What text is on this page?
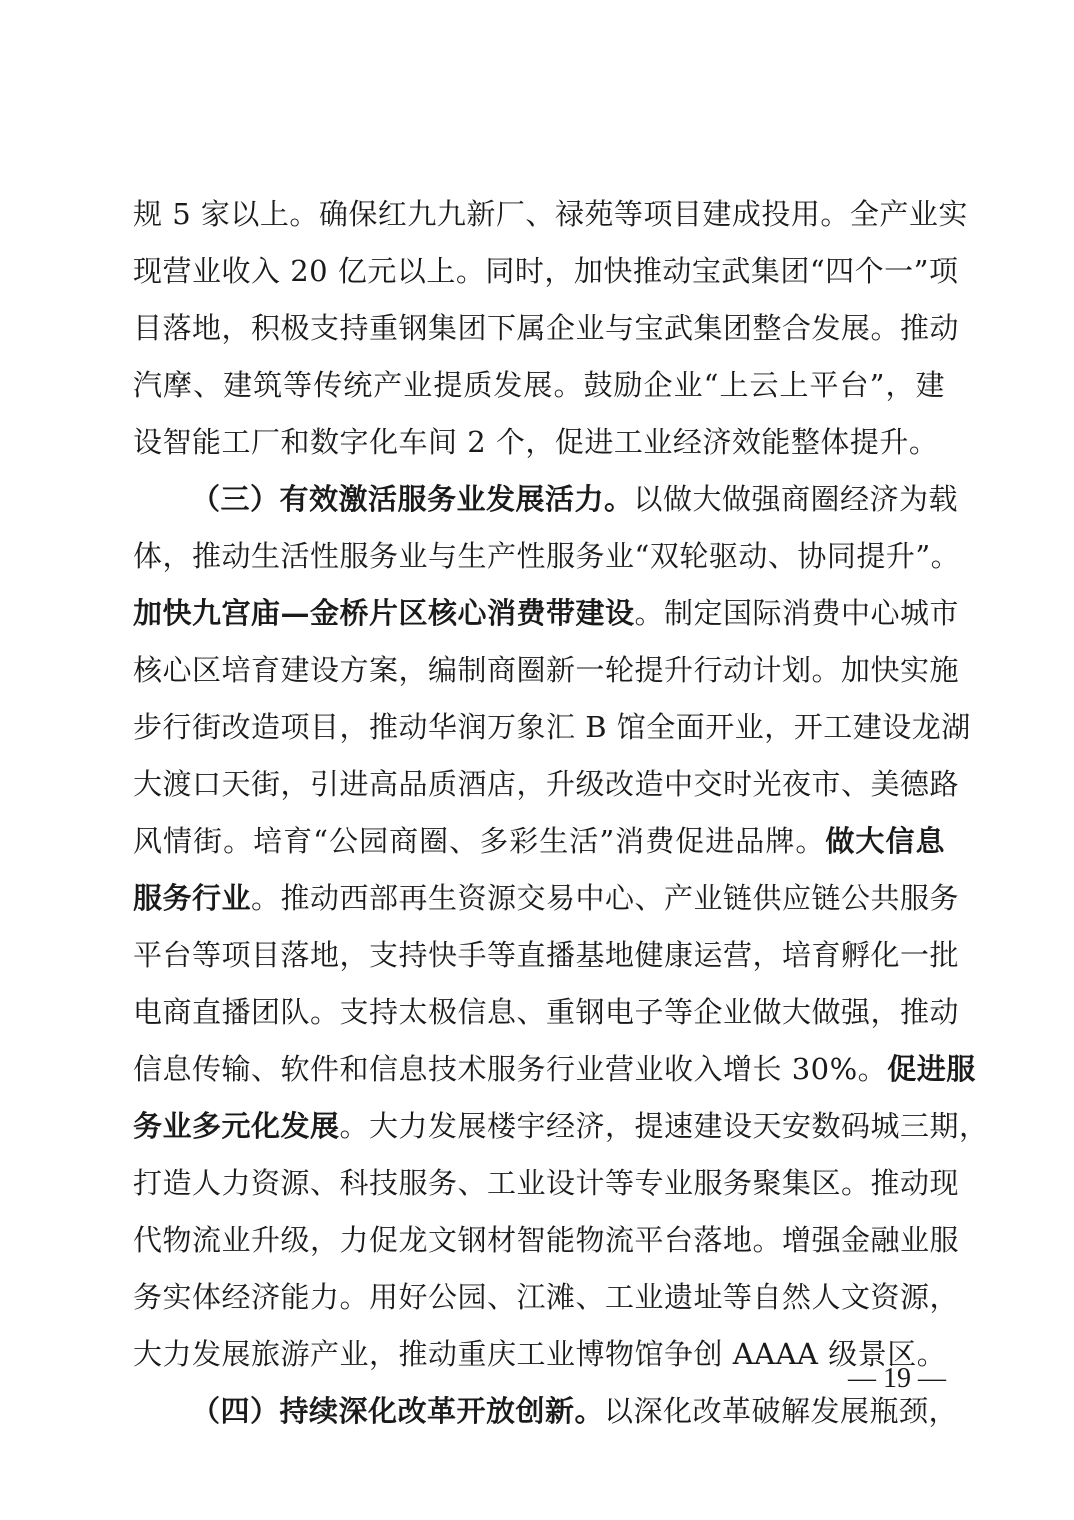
规 5 家以上。确保红九九新厂、禄苑等项目建成投用。全产业实
现营业收入 20 亿元以上。同时，加快推动宝武集团“四个一”项
目落地，积极支持重钢集团下属企业与宝武集团整合发展。推动
汽摩、建筑等传统产业提质发展。鼓励企业“上云上平台”，建
设智能工厂和数字化车间 2 个，促进工业经济效能整体提升。
（三）有效激活服务业发展活力。以做大做强商圈经济为载
体，推动生活性服务业与生产性服务业“双轮驱动、协同提升”。
加快九宫庙—金桥片区核心消费带建设。制定国际消费中心城市
核心区培育建设方案，编制商圈新一轮提升行动计划。加快实施
步行街改造项目，推动华润万象汇 B 馆全面开业，开工建设龙湖
大渡口天街，引进高品质酒店，升级改造中交时光夜市、美德路
风情街。培育“公园商圈、多彩生活”消费促进品牌。做大信息
服务行业。推动西部再生资源交易中心、产业链供应链公共服务
平台等项目落地，支持快手等直播基地健康运营，培育孵化一批
电商直播团队。支持太极信息、重钢电子等企业做大做强，推动
信息传输、软件和信息技术服务行业营业收入增长 30%。促进服
务业多元化发展。大力发展楼宇经济，提速建设天安数码城三期，
打造人力资源、科技服务、工业设计等专业服务聚集区。推动现
代物流业升级，力促龙文钢材智能物流平台落地。增强金融业服
务实体经济能力。用好公园、江滩、工业遗址等自然人文资源，
大力发展旅游产业，推动重庆工业博物馆争创 AAAA 级景区。
（四）持续深化改革开放创新。以深化改革破解发展瓶颈，
— 19 —
